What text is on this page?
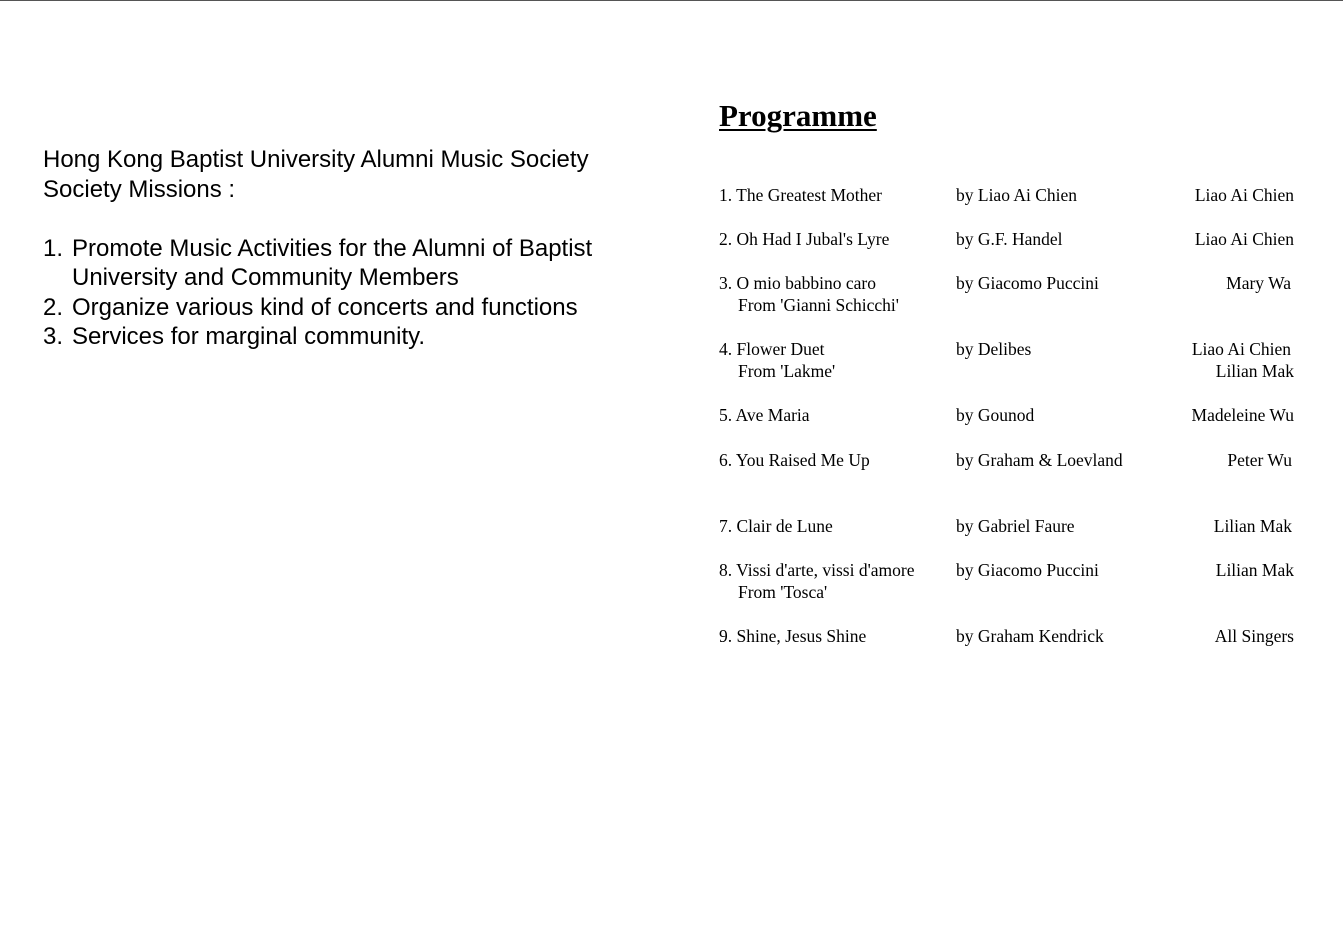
Hong Kong Baptist University Alumni Music Society
Society Missions :
1. Promote Music Activities for the Alumni of Baptist University and Community Members
2. Organize various kind of concerts and functions
3. Services for marginal community.
Programme
1. The Greatest Mother	by Liao Ai Chien	Liao Ai Chien
2. Oh Had I Jubal's Lyre	by G.F. Handel	Liao Ai Chien
3. O mio babbino caro
From 'Gianni Schicchi'
by Giacomo Puccini	Mary Wa
4. Flower Duet
From 'Lakme'
by Delibes	Liao Ai Chien
Lilian Mak
5. Ave Maria	by Gounod	Madeleine Wu
6. You Raised Me Up	by Graham & Loevland	Peter Wu
7. Clair de Lune	by Gabriel Faure	Lilian Mak
8. Vissi d'arte, vissi d'amore
From 'Tosca'
by Giacomo Puccini	Lilian Mak
9. Shine, Jesus Shine	by Graham Kendrick	All Singers
